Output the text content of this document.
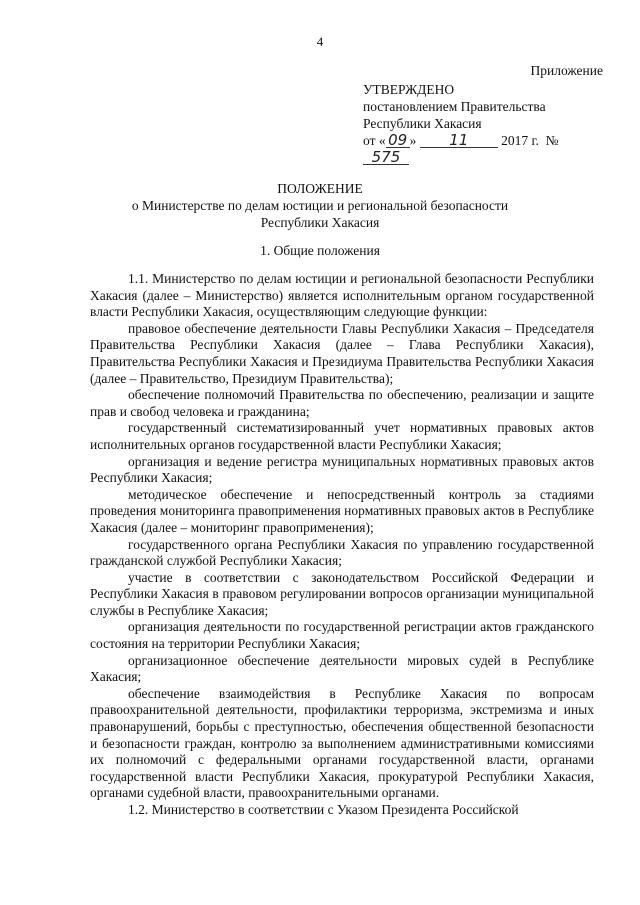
4
Приложение
УТВЕРЖДЕНО
постановлением Правительства
Республики Хакасия
от « 09 » 11 2017 г. № 575
ПОЛОЖЕНИЕ
о Министерстве по делам юстиции и региональной безопасности
Республики Хакасия
1. Общие положения

1.1. Министерство по делам юстиции и региональной безопасности Республики Хакасия (далее – Министерство) является исполнительным органом государственной власти Республики Хакасия, осуществляющим следующие функции:

правовое обеспечение деятельности Главы Республики Хакасия – Председателя Правительства Республики Хакасия (далее – Глава Республики Хакасия), Правительства Республики Хакасия и Президиума Правительства Республики Хакасия (далее – Правительство, Президиум Правительства);

обеспечение полномочий Правительства по обеспечению, реализации и защите прав и свобод человека и гражданина;

государственный систематизированный учет нормативных правовых актов исполнительных органов государственной власти Республики Хакасия;

организация и ведение регистра муниципальных нормативных правовых актов Республики Хакасия;

методическое обеспечение и непосредственный контроль за стадиями проведения мониторинга правоприменения нормативных правовых актов в Республике Хакасия (далее – мониторинг правоприменения);

государственного органа Республики Хакасия по управлению государственной гражданской службой Республики Хакасия;

участие в соответствии с законодательством Российской Федерации и Республики Хакасия в правовом регулировании вопросов организации муниципальной службы в Республике Хакасия;

организация деятельности по государственной регистрации актов гражданского состояния на территории Республики Хакасия;

организационное обеспечение деятельности мировых судей в Республике Хакасия;

обеспечение взаимодействия в Республике Хакасия по вопросам правоохранительной деятельности, профилактики терроризма, экстремизма и иных правонарушений, борьбы с преступностью, обеспечения общественной безопасности и безопасности граждан, контролю за выполнением административными комиссиями их полномочий с федеральными органами государственной власти, органами государственной власти Республики Хакасия, прокуратурой Республики Хакасия, органами судебной власти, правоохранительными органами.

1.2. Министерство в соответствии с Указом Президента Российской
